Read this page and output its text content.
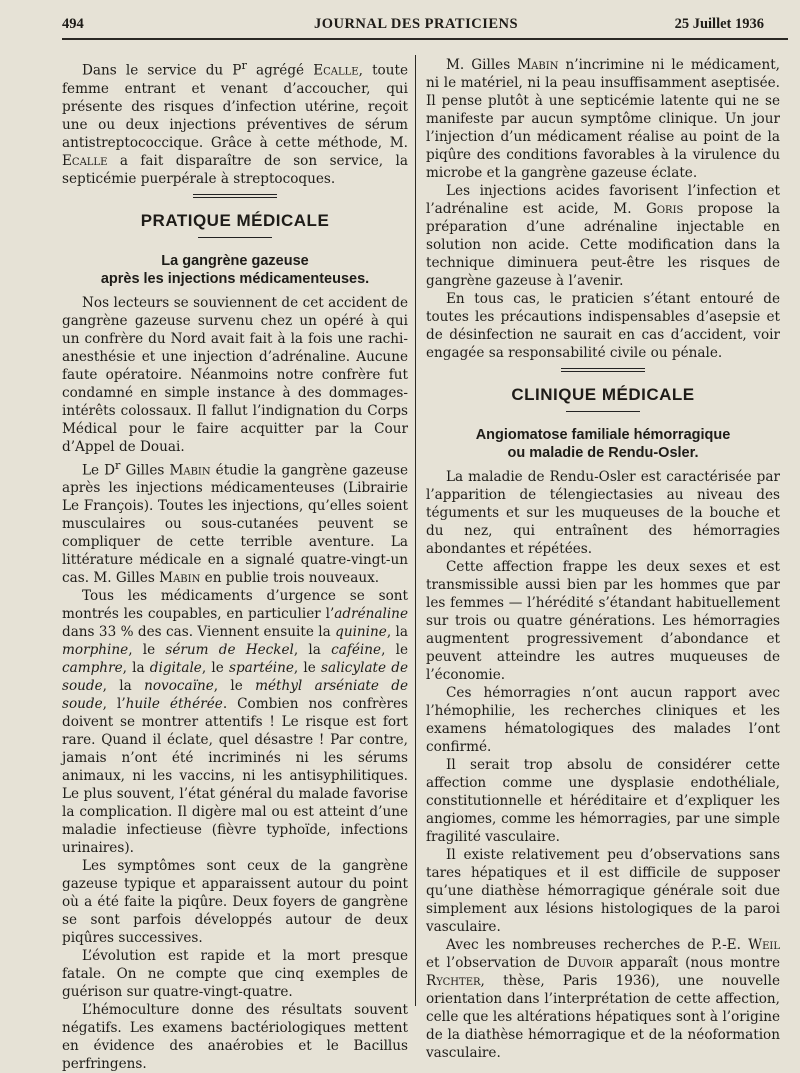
494	JOURNAL DES PRATICIENS	25 Juillet 1936

Dans le service du $P^r$ agrégé Ecalle, toute femme entrant et venant d’accoucher, qui présente des risques d’infection utérine, reçoit une ou deux injections préventives de sérum antistreptococcique. Grâce à cette méthode, M. Ecalle a fait disparaître de son service, la septicémie puerpérale à streptocoques.

PRATIQUE MÉDICALE
La gangrène gazeuse
après les injections médicamenteuses.

Nos lecteurs se souviennent de cet accident de gangrène gazeuse survenu chez un opéré à qui un confrère du Nord avait fait à la fois une rachi-anesthésie et une injection d’adrénaline. Aucune faute opératoire. Néanmoins notre confrère fut condamné en simple instance à des dommages-intérêts colossaux. Il fallut l’indignation du Corps Médical pour le faire acquitter par la Cour d’Appel de Douai.

Le $D^r$ Gilles Mabin étudie la gangrène gazeuse après les injections médicamenteuses (Librairie Le François). Toutes les injections, qu’elles soient musculaires ou sous-cutanées peuvent se compliquer de cette terrible aventure. La littérature médicale en a signalé quatre-vingt-un cas. M. Gilles Mabin en publie trois nouveaux.

Tous les médicaments d’urgence se sont montrés les coupables, en particulier l’adrénaline dans 33 % des cas. Viennent ensuite la quinine, la morphine, le sérum de Heckel, la caféine, le camphre, la digitale, le spartéine, le salicylate de soude, la novocaïne, le méthyl arséniate de soude, l’huile éthérée. Combien nos confrères doivent se montrer attentifs ! Le risque est fort rare. Quand il éclate, quel désastre ! Par contre, jamais n’ont été incriminés ni les sérums animaux, ni les vaccins, ni les antisyphilitiques. Le plus souvent, l’état général du malade favorise la complication. Il digère mal ou est atteint d’une maladie infectieuse (fièvre typhoïde, infections urinaires).

Les symptômes sont ceux de la gangrène gazeuse typique et apparaissent autour du point où a été faite la piqûre. Deux foyers de gangrène se sont parfois développés autour de deux piqûres successives.

L’évolution est rapide et la mort presque fatale. On ne compte que cinq exemples de guérison sur quatre-vingt-quatre.

L’hémoculture donne des résultats souvent négatifs. Les examens bactériologiques mettent en évidence des anaérobies et le Bacillus perfringens.

M. Gilles Mabin n’incrimine ni le médicament, ni le matériel, ni la peau insuffisamment aseptisée. Il pense plutôt à une septicémie latente qui ne se manifeste par aucun symptôme clinique. Un jour l’injection d’un médicament réalise au point de la piqûre des conditions favorables à la virulence du microbe et la gangrène gazeuse éclate.

Les injections acides favorisent l’infection et l’adrénaline est acide, M. Goris propose la préparation d’une adrénaline injectable en solution non acide. Cette modification dans la technique diminuera peut-être les risques de gangrène gazeuse à l’avenir.

En tous cas, le praticien s’étant entouré de toutes les précautions indispensables d’asepsie et de désinfection ne saurait en cas d’accident, voir engagée sa responsabilité civile ou pénale.

CLINIQUE MÉDICALE
Angiomatose familiale hémorragique
ou maladie de Rendu-Osler.

La maladie de Rendu-Osler est caractérisée par l’apparition de télengiectasies au niveau des téguments et sur les muqueuses de la bouche et du nez, qui entraînent des hémorragies abondantes et répétées.

Cette affection frappe les deux sexes et est transmissible aussi bien par les hommes que par les femmes — l’hérédité s’étandant habituellement sur trois ou quatre générations. Les hémorragies augmentent progressivement d’abondance et peuvent atteindre les autres muqueuses de l’économie.

Ces hémorragies n’ont aucun rapport avec l’hémophilie, les recherches cliniques et les examens hématologiques des malades l’ont confirmé.

Il serait trop absolu de considérer cette affection comme une dysplasie endothéliale, constitutionnelle et héréditaire et d’expliquer les angiomes, comme les hémorragies, par une simple fragilité vasculaire.

Il existe relativement peu d’observations sans tares hépatiques et il est difficile de supposer qu’une diathèse hémorragique générale soit due simplement aux lésions histologiques de la paroi vasculaire.

Avec les nombreuses recherches de P.-E. Weil et l’observation de Duvoir apparaît (nous montre Rychter, thèse, Paris 1936), une nouvelle orientation dans l’interprétation de cette affection, celle que les altérations hépatiques sont à l’origine de la diathèse hémorragique et de la néoformation vasculaire.
